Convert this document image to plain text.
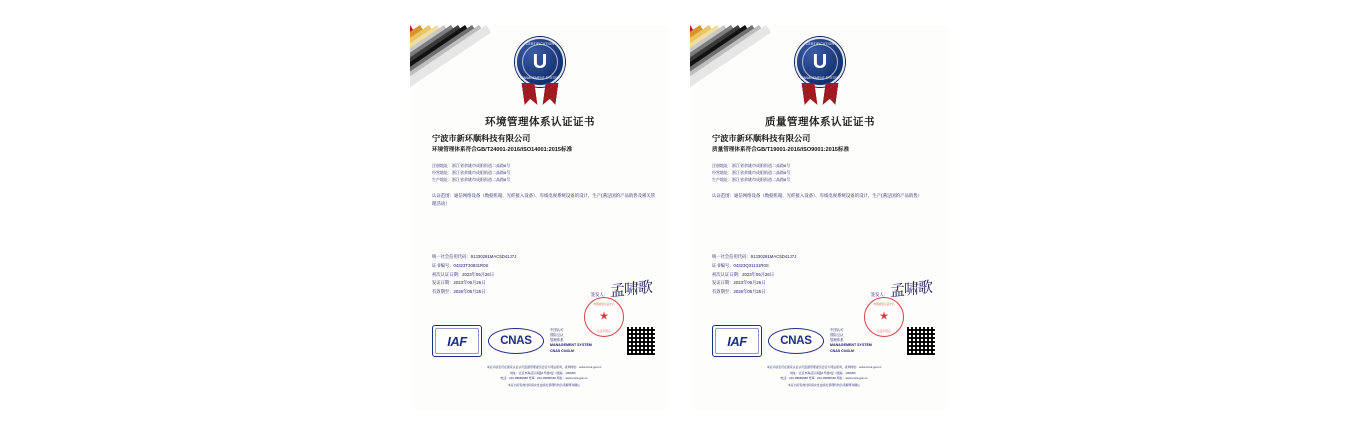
CERTIFICATION
U
MANAGEMENT SYSTEM
环境管理体系认证证书
宁波市新环顺科技有限公司
环境管理体系符合GB/T24001-2016/ISO14001:2015标准
注册地址：浙江省余姚市成阳街道二高路8号
经营地址：浙江省余姚市成阳街道二高路8号
生产地址：浙江省余姚市成阳街道二高路8号
认证范围：通信网络设备（数据机箱、光纤接入设备）、有线电视系统设备的设计、生产(满足国的产品销售及相关管理活动）
统一社会信用代码：91330281MAC5D41J7J
证书编号：04323T30831R0S
初次认证日期：2023年05月26日
发证日期：2023年05月26日
有效期至：2026年05月25日
签发人： 孟啸歌
中国质量认证中心
★
认证专用章
IAF	CNAS
中国认可
国际互认
管理体系
MANAGEMENT SYSTEM
CNAS C043-M
本证书信息可在国家认证认可监督管理委员会官方网站查询，查询网址：www.cnca.gov.cn
地址：北京市海淀区南路1号楼2层（邮编：100082）
电话：010-83886688 传真：010-83886666 网址：www.cnca.gov.cn
本证书的有效性和真实性由颁发管理机构负责解释和确认
CERTIFICATION
U
MANAGEMENT SYSTEM
质量管理体系认证证书
宁波市新环顺科技有限公司
质量管理体系符合GB/T19001-2016/ISO9001:2015标准
注册地址：浙江省余姚市成阳街道二高路8号
经营地址：浙江省余姚市成阳街道二高路8号
生产地址：浙江省余姚市成阳街道二高路8号
认证范围：通信网络设备（数据机箱、光纤接入设备）、有线电视系统设备的设计、生产(满足国的产品销售）
统一社会信用代码：91330281MAC5D41J7J
证书编号：04323Q31131R0S
初次认证日期：2023年05月26日
发证日期：2023年05月26日
有效期至：2026年05月25日
签发人： 孟啸歌
中国质量认证中心
★
认证专用章
IAF	CNAS
中国认可
国际互认
管理体系
MANAGEMENT SYSTEM
CNAS C043-M
本证书信息可在国家认证认可监督管理委员会官方网站查询，查询网址：www.cnca.gov.cn
地址：北京市海淀区南路1号楼2层（邮编：100082）
电话：010-83886688 传真：010-83886666 网址：www.cnca.gov.cn
本证书的有效性和真实性由颁发管理机构负责解释和确认
